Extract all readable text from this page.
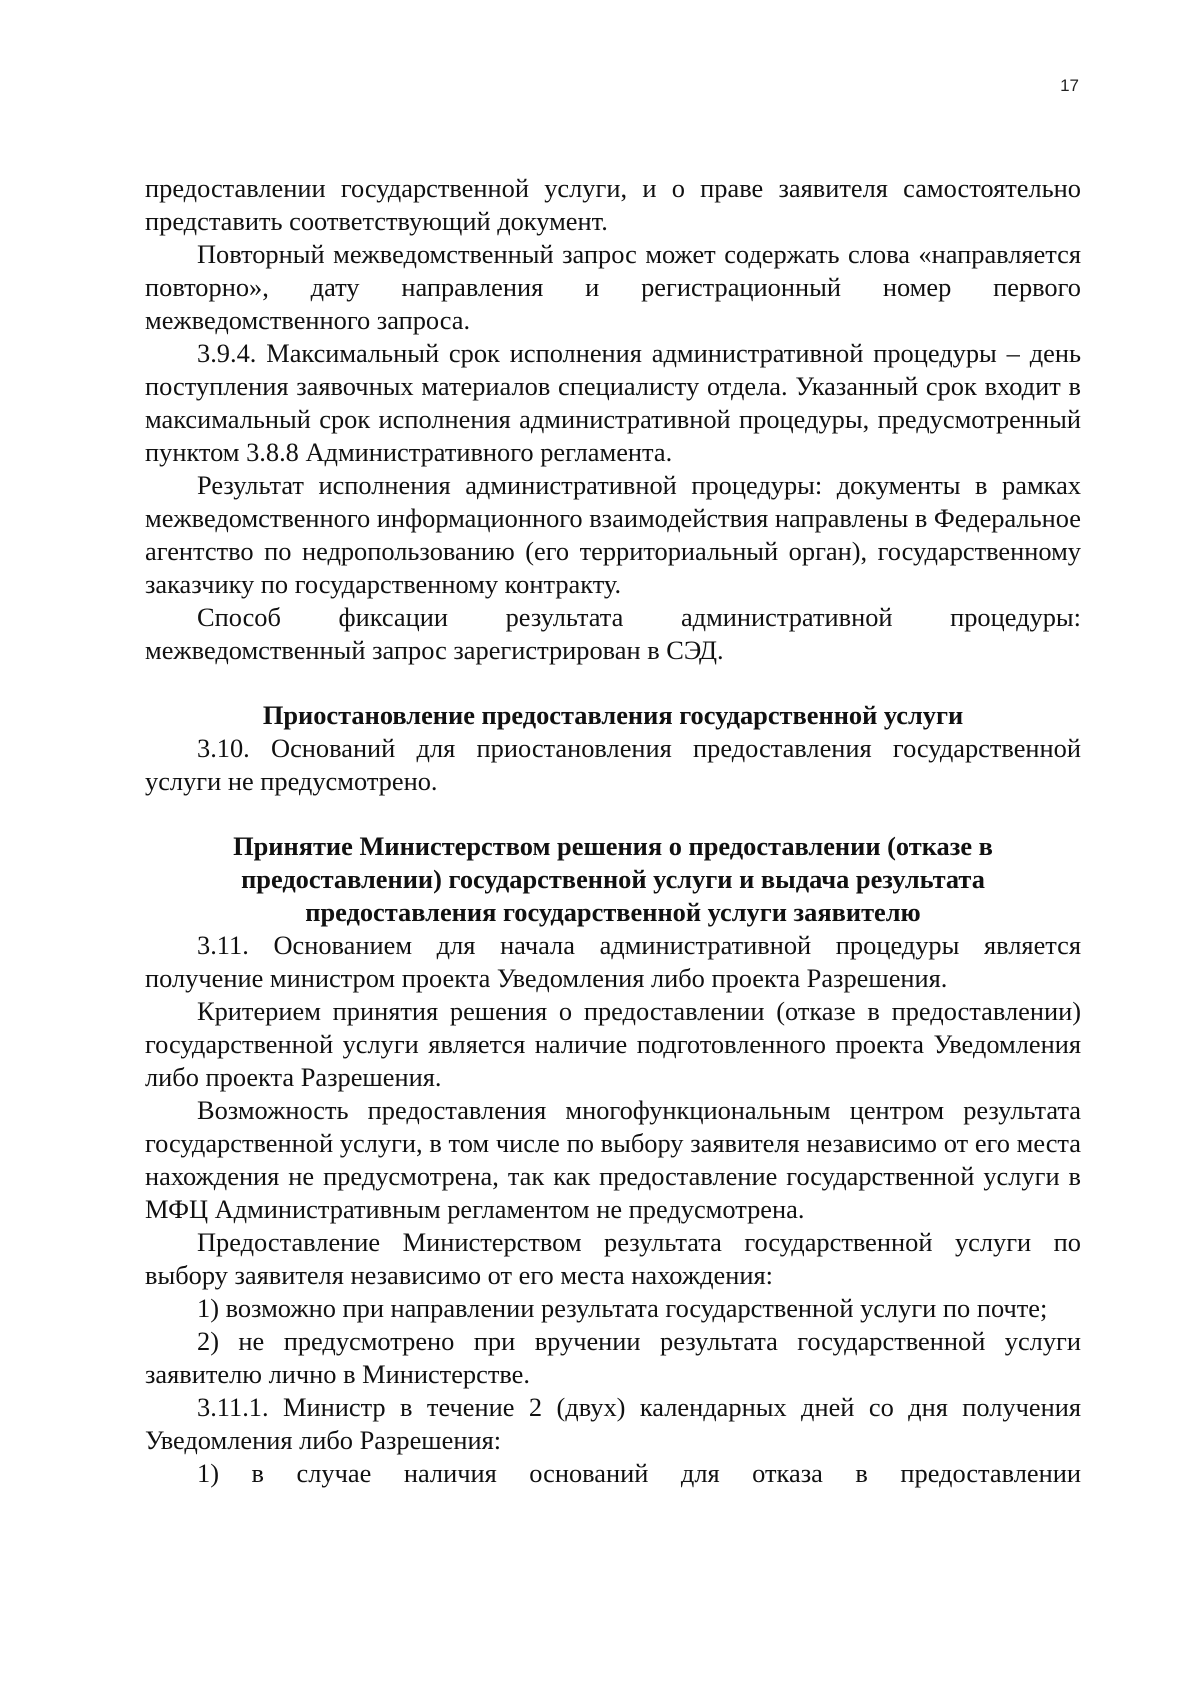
17

предоставлении государственной услуги, и о праве заявителя самостоятельно представить соответствующий документ.

Повторный межведомственный запрос может содержать слова «направляется повторно», дату направления и регистрационный номер первого межведомственного запроса.

3.9.4. Максимальный срок исполнения административной процедуры – день поступления заявочных материалов специалисту отдела. Указанный срок входит в максимальный срок исполнения административной процедуры, предусмотренный пунктом 3.8.8 Административного регламента.

Результат исполнения административной процедуры: документы в рамках межведомственного информационного взаимодействия направлены в Федеральное агентство по недропользованию (его территориальный орган), государственному заказчику по государственному контракту.

Способ фиксации результата административной процедуры: межведомственный запрос зарегистрирован в СЭД.

Приостановление предоставления государственной услуги

3.10. Оснований для приостановления предоставления государственной услуги не предусмотрено.

Принятие Министерством решения о предоставлении (отказе в
предоставлении) государственной услуги и выдача результата
предоставления государственной услуги заявителю

3.11. Основанием для начала административной процедуры является получение министром проекта Уведомления либо проекта Разрешения.

Критерием принятия решения о предоставлении (отказе в предоставлении) государственной услуги является наличие подготовленного проекта Уведомления либо проекта Разрешения.

Возможность предоставления многофункциональным центром результата государственной услуги, в том числе по выбору заявителя независимо от его места нахождения не предусмотрена, так как предоставление государственной услуги в МФЦ Административным регламентом не предусмотрена.

Предоставление Министерством результата государственной услуги по выбору заявителя независимо от его места нахождения:

1) возможно при направлении результата государственной услуги по почте;

2) не предусмотрено при вручении результата государственной услуги заявителю лично в Министерстве.

3.11.1. Министр в течение 2 (двух) календарных дней со дня получения Уведомления либо Разрешения:

1) в случае наличия оснований для отказа в предоставлении
